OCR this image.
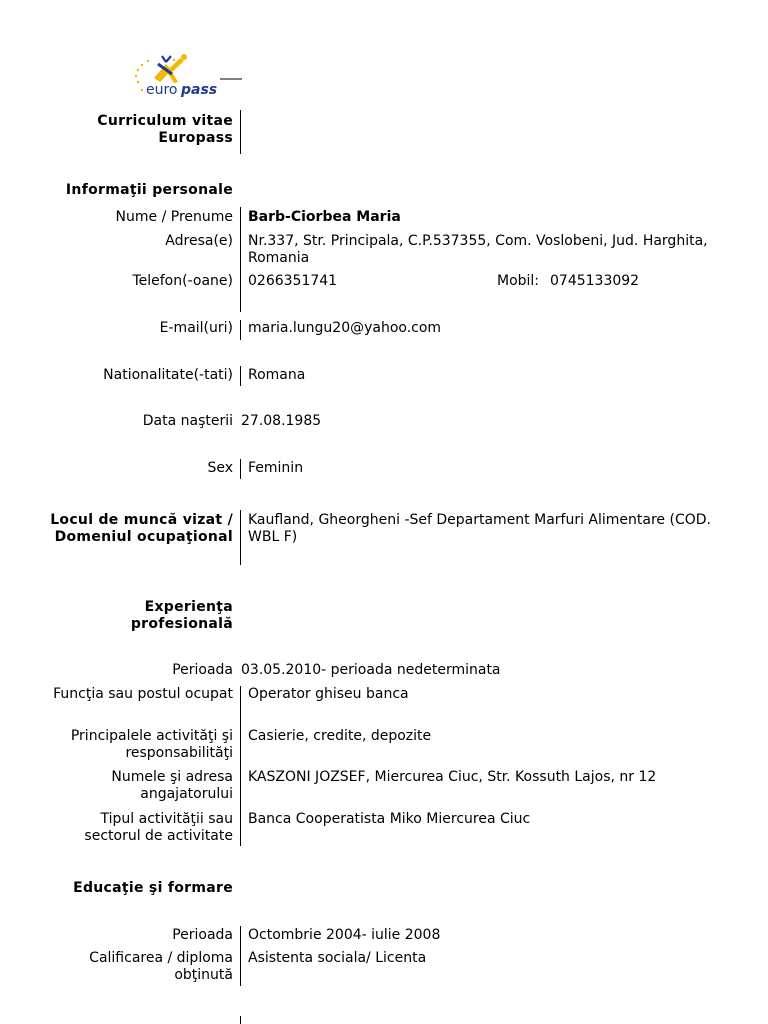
euro pass
Curriculum vitae
Europass
Informaţii personale
Nume / Prenume Barb-Ciorbea Maria
Adresa(e) Nr.337, Str. Principala, C.P.537355, Com. Voslobeni, Jud. Harghita, Romania
Telefon(-oane) 0266351741	Mobil: 0745133092
E-mail(uri) maria.lungu20@yahoo.com
Nationalitate(-tati) Romana
Data naşterii 27.08.1985
Sex Feminin
Locul de muncă vizat / Domeniul ocupaţional
Kaufland, Gheorgheni -Sef Departament Marfuri Alimentare (COD. WBL F)
Experienţa profesională
Perioada 03.05.2010- perioada nedeterminata
Funcţia sau postul ocupat Operator ghiseu banca
Principalele activităţi şi responsabilităţi
Casierie, credite, depozite
Numele şi adresa angajatorului
KASZONI JOZSEF, Miercurea Ciuc, Str. Kossuth Lajos, nr 12
Tipul activităţii sau sectorul de activitate
Banca Cooperatista Miko Miercurea Ciuc
Educaţie şi formare
Perioada Octombrie 2004- iulie 2008
Calificarea / diploma obţinută
Asistenta sociala/ Licenta
